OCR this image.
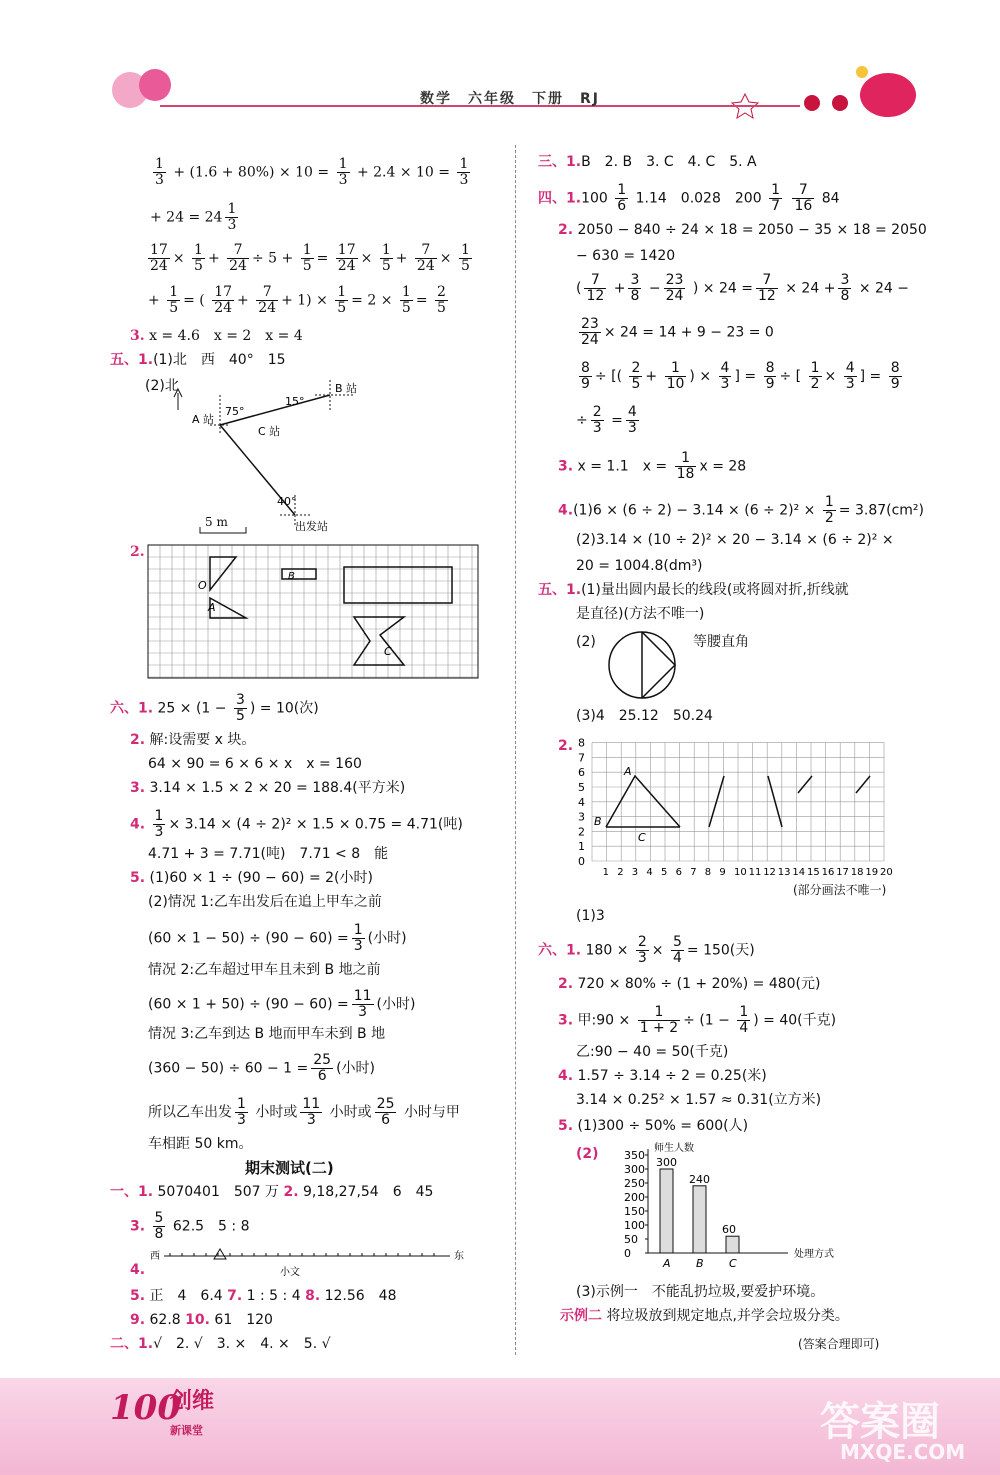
数学　六年级　下册　RJ
$\frac{1}{3} + (1.6 + 80\%) \times 10 = \frac{1}{3} + 2.4 \times 10 = \frac{1}{3}$
+ $24 = 24 \frac{1}{3}$
$\frac{17}{24} \times \frac{1}{5} + \frac{7}{24} \div 5 + \frac{1}{5} = \frac{17}{24} \times \frac{1}{5} + \frac{7}{24} \times \frac{1}{5}$
+ $\frac{1}{5}$ = ( $\frac{17}{24} + \frac{7}{24} + 1) \times \frac{1}{5} = 2 \times \frac{1}{5} = \frac{2}{5}$
3. x = 4.6　x = 2　x = 4
五、1.(1)北　西　40°　15
(2)北
A 站
B 站
C 站
出发站
75°
15°
40°
5 m
2.
O
A
B
C
六、1. $25 \times (1 - \frac{3}{5}$ ) = 10(次)
2. 解:设需要 x 块。
64 × 90 = 6 × 6 × x　x = 160
3. 3.14 × 1.5 × 2 × 20 = 188.4(平方米)
4. $\frac{1}{3} \times 3.14 \times (4 \div 2)^2 \times 1.5 \times 0.75 = 4.71$(吨)
4.71 + 3 = 7.71(吨)　7.71 < 8　能
5. (1)60 × 1 ÷ (90 − 60) = 2(小时)
(2)情况 1:乙车出发后在追上甲车之前
$(60 \times 1 - 50) \div (90 - 60) = \frac{1}{3}$ (小时)
情况 2:乙车超过甲车且未到 B 地之前
$(60 \times 1 + 50) \div (90 - 60) = \frac{11}{3}$ (小时)
情况 3:乙车到达 B 地而甲车未到 B 地
$(360 - 50) \div 60 - 1 = \frac{25}{6}$ (小时)
所以乙车出发 $\frac{1}{3}$ 小时或 $\frac{11}{3}$ 小时或 $\frac{25}{6}$ 小时与甲
车相距 50 km。
期末测试(二)
一、1. 5070401　507 万 2. 9,18,27,54　6　45
3. $\frac{5}{8} 62.5$　5 : 8
4.
西	东
小文
5. 正　4　6.4 7. 1 : 5 : 4 8. 12.56　48
9. 62.8 10. 61　120
二、1.√　2. √　3. ×　4. ×　5. √
三、1.B　2. B　3. C　4. C　5. A
四、$1.100 \frac{1}{6} 1.14$　0.028　$200 \frac{1}{7}$
$\frac{7}{16} 84$
2. 2050 − 840 ÷ 24 × 18 = 2050 − 35 × 18 = 2050
− 630 = 1420
( $\frac{7}{12} + \frac{3}{8} - \frac{23}{24}$ ) × $24 = \frac{7}{12} \times 24 + \frac{3}{8} \times 24$ −
$\frac{23}{24} \times 24 = 14 + 9 - 23 = 0$
$\frac{8}{9}$ ÷ [( $\frac{2}{5} + \frac{1}{10}$ ) × $\frac{4}{3}$ ] = $\frac{8}{9}$ ÷ [ $\frac{1}{2} \times \frac{4}{3}$ ] = $\frac{8}{9}$
÷ $\frac{2}{3} = \frac{4}{3}$
3. x = 1.1　$x = \frac{1}{18}$ x = 28
$4.(1)6 \times (6 \div 2) - 3.14 \times (6 \div 2)^2 \times \frac{1}{2} = 3.87(cm^2)$
(2)3.14 × (10 ÷ 2)² × 20 − 3.14 × (6 ÷ 2)² ×
20 = 1004.8(dm³)
五、1.(1)量出圆内最长的线段(或将圆对折,折线就
是直径)(方法不唯一)
(2)	等腰直角
(3)4　25.12　50.24
2. 8
7
6
5
4
3
2
1
0
1 2 3 4 5 6 7 8 9 10 11 12 13 14 15 16 17 18 19 20
A
B
C
(部分画法不唯一)
(1)3
六、1. $180 \times \frac{2}{3} \times \frac{5}{4} = 150$(天)
2. 720 × 80% ÷ (1 + 20%) = 480(元)
3. 甲:90 × $\frac{1}{1 + 2} \div (1 - \frac{1}{4}$ ) = 40(千克)
乙:90 − 40 = 50(千克)
4. 1.57 ÷ 3.14 ÷ 2 = 0.25(米)
3.14 × 0.25² × 1.57 ≈ 0.31(立方米)
5. (1)300 ÷ 50% = 600(人)
(2) 350
300
250
200
150
100
50
0
师生人数
处理方式
300
A
240
B
60
C
(3)示例一　不能乱扔垃圾,要爱护环境。
示例二 将垃圾放到规定地点,并学会垃圾分类。
(答案合理即可)
100
创维
新课堂	答案圈
MXQE.COM
